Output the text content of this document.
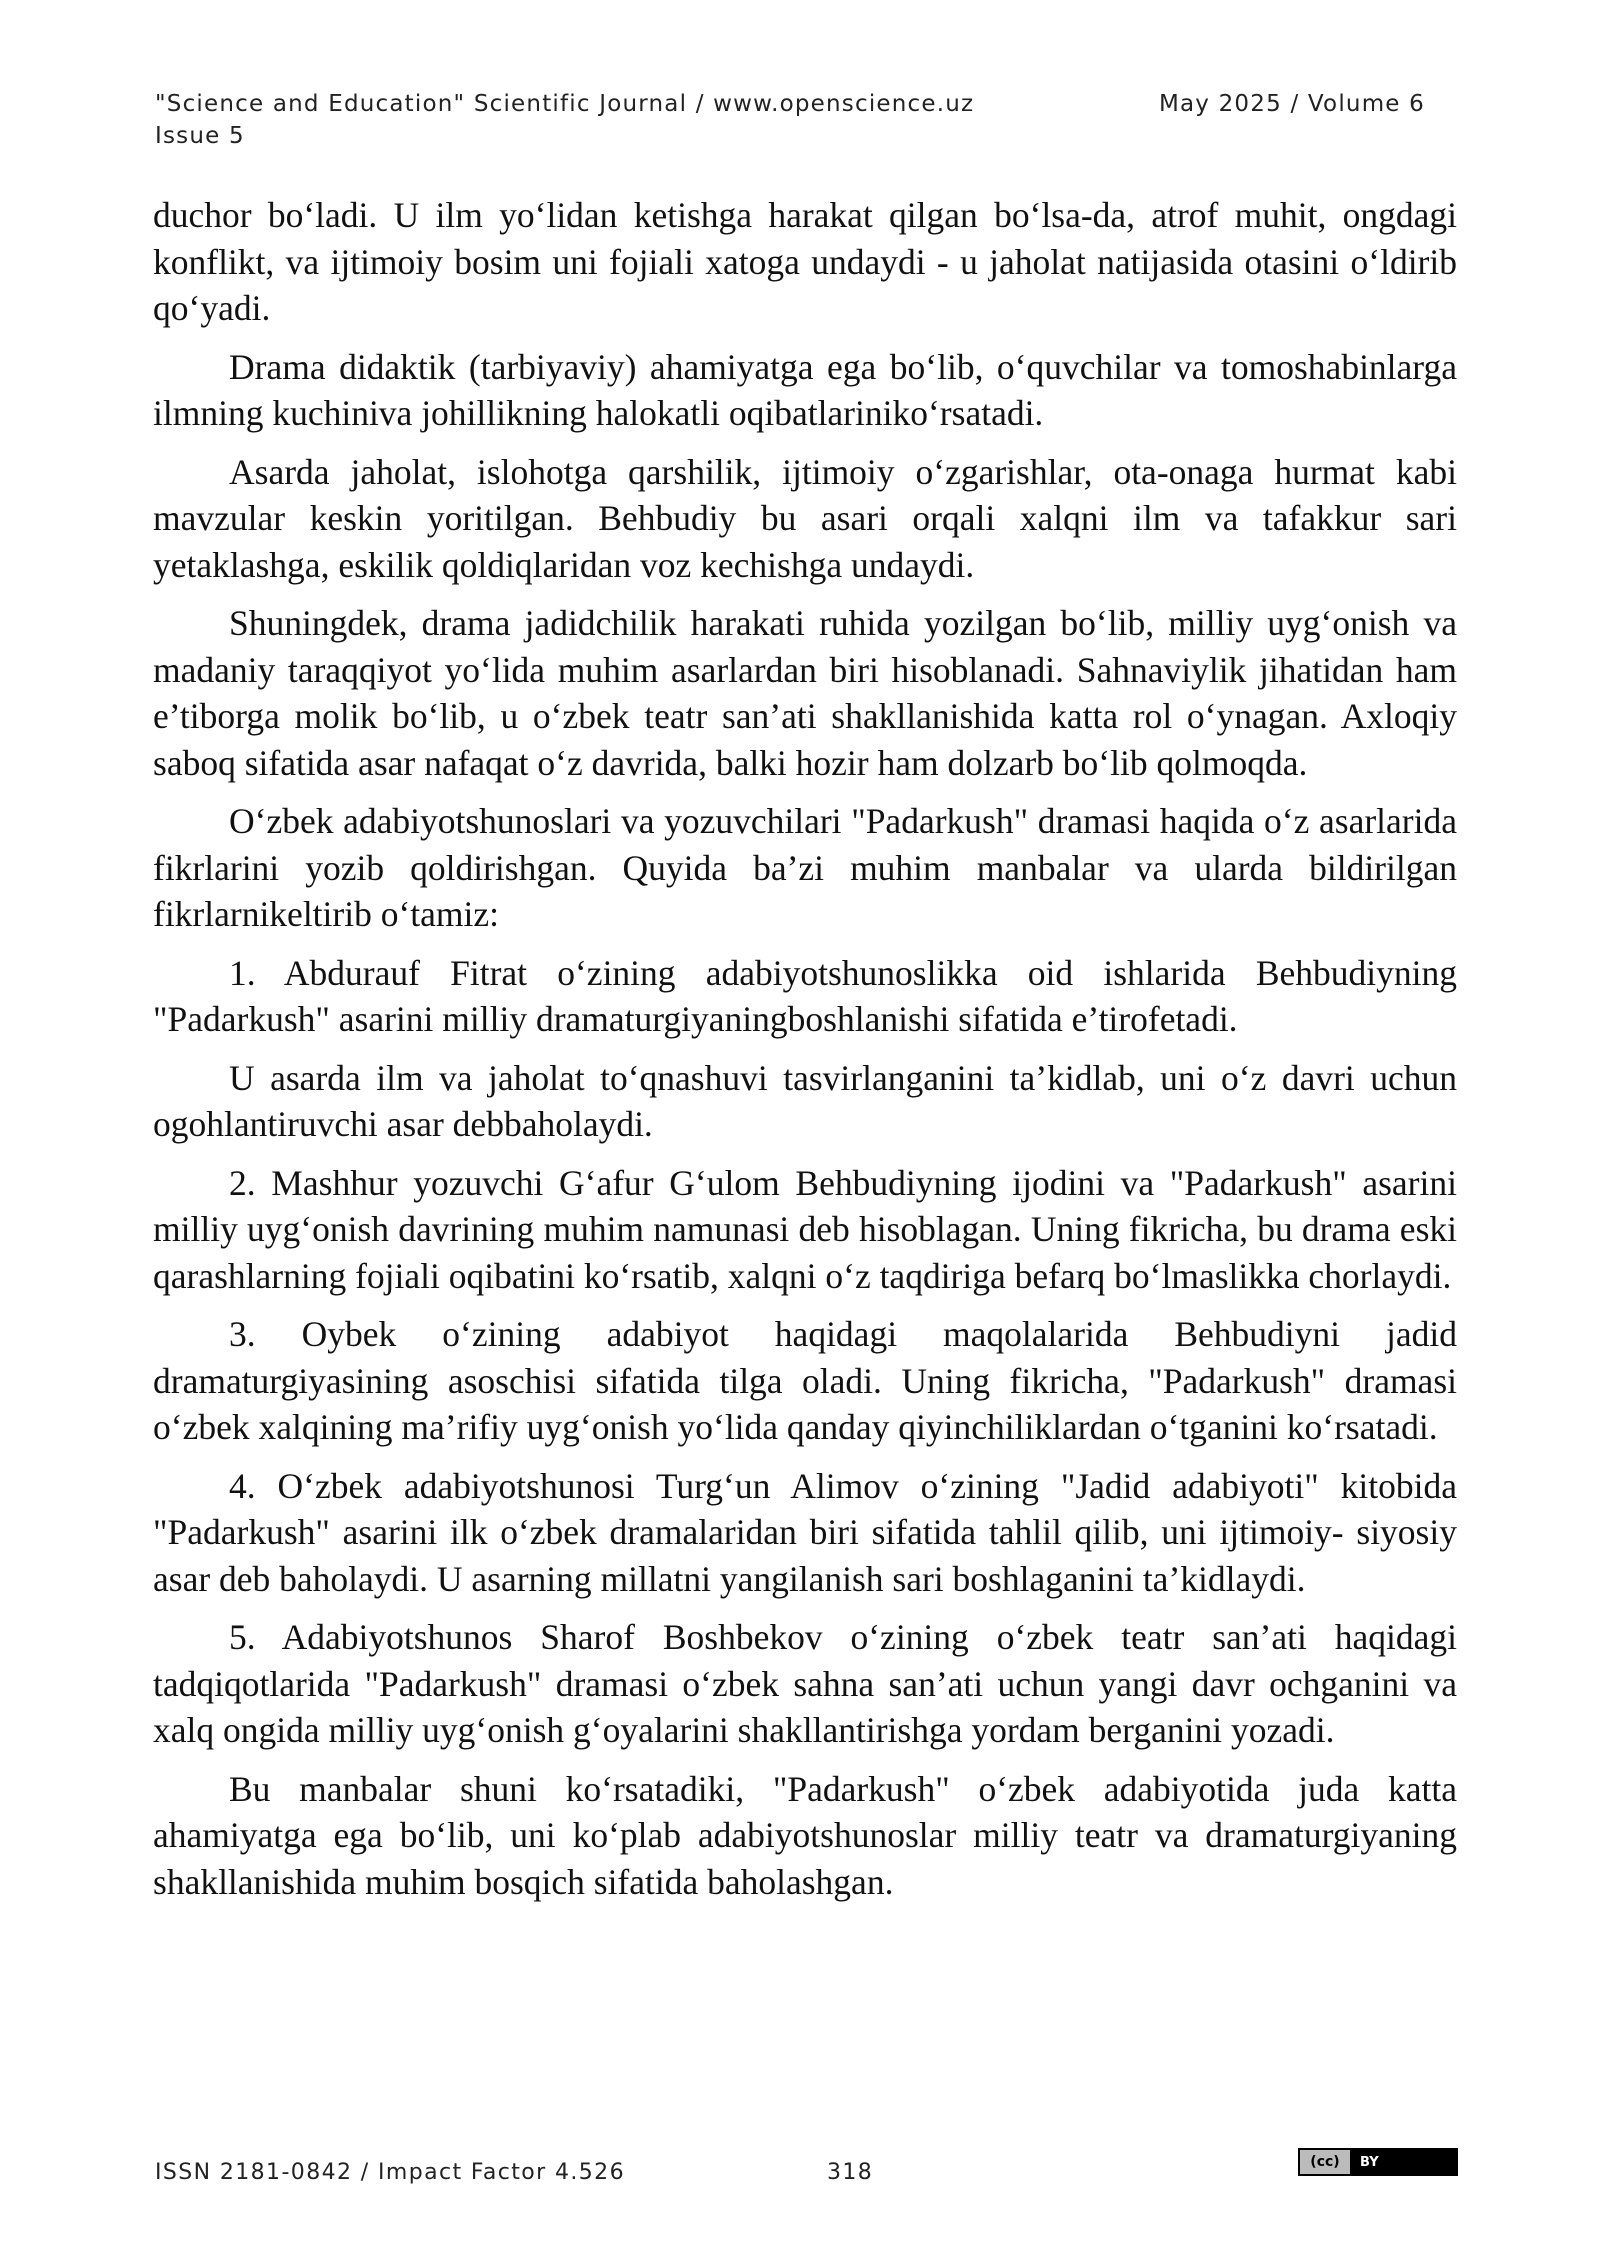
"Science and Education" Scientific Journal / www.openscience.uz
Issue 5
May 2025 / Volume 6

duchor bo‘ladi. U ilm yo‘lidan ketishga harakat qilgan bo‘lsa-da, atrof muhit, ongdagi konflikt, va ijtimoiy bosim uni fojiali xatoga undaydi - u jaholat natijasida otasini o‘ldirib qo‘yadi.

Drama didaktik (tarbiyaviy) ahamiyatga ega bo‘lib, o‘quvchilar va tomoshabinlarga ilmning kuchiniva johillikning halokatli oqibatlariniko‘rsatadi.

Asarda jaholat, islohotga qarshilik, ijtimoiy o‘zgarishlar, ota-onaga hurmat kabi mavzular keskin yoritilgan. Behbudiy bu asari orqali xalqni ilm va tafakkur sari yetaklashga, eskilik qoldiqlaridan voz kechishga undaydi.

Shuningdek, drama jadidchilik harakati ruhida yozilgan bo‘lib, milliy uyg‘onish va madaniy taraqqiyot yo‘lida muhim asarlardan biri hisoblanadi. Sahnaviylik jihatidan ham e’tiborga molik bo‘lib, u o‘zbek teatr san’ati shakllanishida katta rol o‘ynagan. Axloqiy saboq sifatida asar nafaqat o‘z davrida, balki hozir ham dolzarb bo‘lib qolmoqda.

O‘zbek adabiyotshunoslari va yozuvchilari "Padarkush" dramasi haqida o‘z asarlarida fikrlarini yozib qoldirishgan. Quyida ba’zi muhim manbalar va ularda bildirilgan fikrlarnikeltirib o‘tamiz:

1. Abdurauf Fitrat o‘zining adabiyotshunoslikka oid ishlarida Behbudiyning "Padarkush" asarini milliy dramaturgiyaningboshlanishi sifatida e’tirofetadi.

U asarda ilm va jaholat to‘qnashuvi tasvirlanganini ta’kidlab, uni o‘z davri uchun ogohlantiruvchi asar debbaholaydi.

2. Mashhur yozuvchi G‘afur G‘ulom Behbudiyning ijodini va "Padarkush" asarini milliy uyg‘onish davrining muhim namunasi deb hisoblagan. Uning fikricha, bu drama eski qarashlarning fojiali oqibatini ko‘rsatib, xalqni o‘z taqdiriga befarq bo‘lmaslikka chorlaydi.

3. Oybek o‘zining adabiyot haqidagi maqolalarida Behbudiyni jadid dramaturgiyasining asoschisi sifatida tilga oladi. Uning fikricha, "Padarkush" dramasi o‘zbek xalqining ma’rifiy uyg‘onish yo‘lida qanday qiyinchiliklardan o‘tganini ko‘rsatadi.

4. O‘zbek adabiyotshunosi Turg‘un Alimov o‘zining "Jadid adabiyoti" kitobida "Padarkush" asarini ilk o‘zbek dramalaridan biri sifatida tahlil qilib, uni ijtimoiy- siyosiy asar deb baholaydi. U asarning millatni yangilanish sari boshlaganini ta’kidlaydi.

5. Adabiyotshunos Sharof Boshbekov o‘zining o‘zbek teatr san’ati haqidagi tadqiqotlarida "Padarkush" dramasi o‘zbek sahna san’ati uchun yangi davr ochganini va xalq ongida milliy uyg‘onish g‘oyalarini shakllantirishga yordam berganini yozadi.

Bu manbalar shuni ko‘rsatadiki, "Padarkush" o‘zbek adabiyotida juda katta ahamiyatga ega bo‘lib, uni ko‘plab adabiyotshunoslar milliy teatr va dramaturgiyaning shakllanishida muhim bosqich sifatida baholashgan.

ISSN 2181-0842 / Impact Factor 4.526	318	(cc)	BY
